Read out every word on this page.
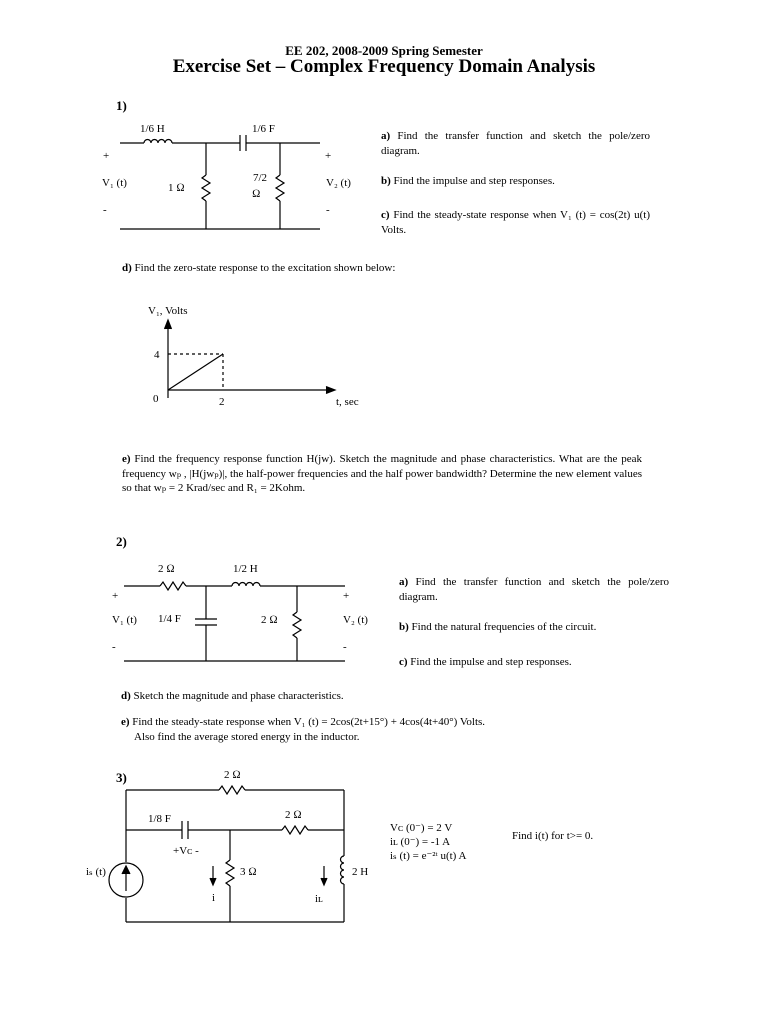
EE 202, 2008-2009 Spring Semester
Exercise Set – Complex Frequency Domain Analysis
1)
1/6 H	1/6 F
+	+
V₁ (t)	1 Ω
7/2
Ω
V₂ (t)
-	-
a) Find the transfer function and sketch the pole/zero diagram.
b) Find the impulse and step responses.
c) Find the steady-state response when V₁ (t) = cos(2t) u(t) Volts.
d) Find the zero-state response to the excitation shown below:
V₁, Volts
4
0	2	t, sec
e) Find the frequency response function H(jw). Sketch the magnitude and phase characteristics. What are the peak frequency wₚ , |H(jwₚ)|, the half-power frequencies and the half power bandwidth? Determine the new element values so that wₚ = 2 Krad/sec and R₁ = 2Kohm.
2)
2 Ω	1/2 H
+	+
V₁ (t) 1/4 F	2 Ω	V₂ (t)
-	-
a) Find the transfer function and sketch the pole/zero diagram.
b) Find the natural frequencies of the circuit.
c) Find the impulse and step responses.
d) Sketch the magnitude and phase characteristics.
e) Find the steady-state response when V₁ (t) = 2cos(2t+15°) + 4cos(4t+40°) Volts.
Also find the average stored energy in the inductor.
3)	2 Ω
1/8 F	2 Ω
+Vᴄ -
3 Ω	2 H
iₛ (t)
i	iʟ
Vᴄ (0⁻) = 2 V
iʟ (0⁻) = -1 A
iₛ (t) = e⁻²ᵗ u(t) A
Find i(t) for t>= 0.
